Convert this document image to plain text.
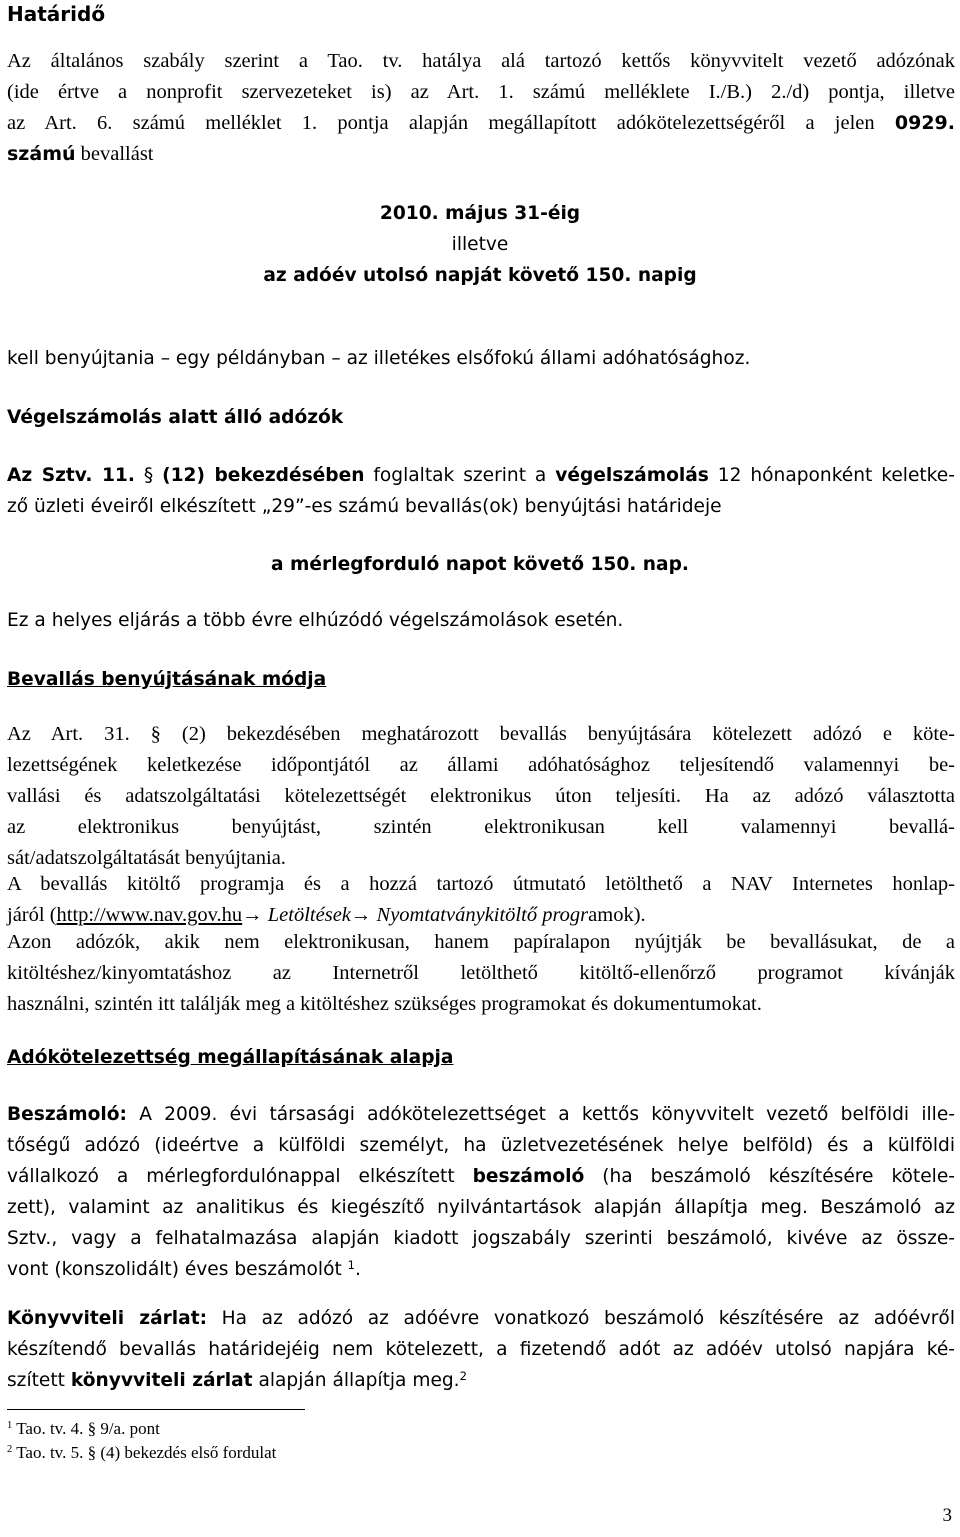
Határidő
Az általános szabály szerint a Tao. tv. hatálya alá tartozó kettős könyvvitelt vezető adózónak
(ide értve a nonprofit szervezeteket is) az Art. 1. számú melléklete I./B.) 2./d) pontja, illetve
az Art. 6. számú melléklet 1. pontja alapján megállapított adókötelezettségéről a jelen 0929.
számú bevallást
2010. május 31-éig
illetve
az adóév utolsó napját követő 150. napig
kell benyújtania – egy példányban – az illetékes elsőfokú állami adóhatósághoz.
Végelszámolás alatt álló adózók
Az Sztv. 11. § (12) bekezdésében foglaltak szerint a végelszámolás 12 hónaponként keletke-
ző üzleti éveiről elkészített „29”-es számú bevallás(ok) benyújtási határideje
a mérlegforduló napot követő 150. nap.
Ez a helyes eljárás a több évre elhúzódó végelszámolások esetén.
Bevallás benyújtásának módja
Az Art. 31. § (2) bekezdésében meghatározott bevallás benyújtására kötelezett adózó e köte-
lezettségének keletkezése időpontjától az állami adóhatósághoz teljesítendő valamennyi be-
vallási és adatszolgáltatási kötelezettségét elektronikus úton teljesíti. Ha az adózó választotta
az elektronikus benyújtást, szintén elektronikusan kell valamennyi bevallá-
sát/adatszolgáltatását benyújtania.
A bevallás kitöltő programja és a hozzá tartozó útmutató letölthető a NAV Internetes honlap-
járól (http://www.nav.gov.hu→ Letöltések→ Nyomtatványkitöltő programok).
Azon adózók, akik nem elektronikusan, hanem papíralapon nyújtják be bevallásukat, de a
kitöltéshez/kinyomtatáshoz az Internetről letölthető kitöltő-ellenőrző programot kívánják
használni, szintén itt találják meg a kitöltéshez szükséges programokat és dokumentumokat.
Adókötelezettség megállapításának alapja
Beszámoló: A 2009. évi társasági adókötelezettséget a kettős könyvvitelt vezető belföldi ille-
tőségű adózó (ideértve a külföldi személyt, ha üzletvezetésének helye belföld) és a külföldi
vállalkozó a mérlegfordulónappal elkészített beszámoló (ha beszámoló készítésére kötele-
zett), valamint az analitikus és kiegészítő nyilvántartások alapján állapítja meg. Beszámoló az
Sztv., vagy a felhatalmazása alapján kiadott jogszabály szerinti beszámoló, kivéve az össze-
vont (konszolidált) éves beszámolót $^1$.
Könyvviteli zárlat: Ha az adózó az adóévre vonatkozó beszámoló készítésére az adóévről
készítendő bevallás határidejéig nem kötelezett, a fizetendő adót az adóév utolsó napjára ké-
szített könyvviteli zárlat alapján állapítja meg.$^2$
$^1$ Tao. tv. 4. § 9/a. pont
$^2$ Tao. tv. 5. § (4) bekezdés első fordulat
3
